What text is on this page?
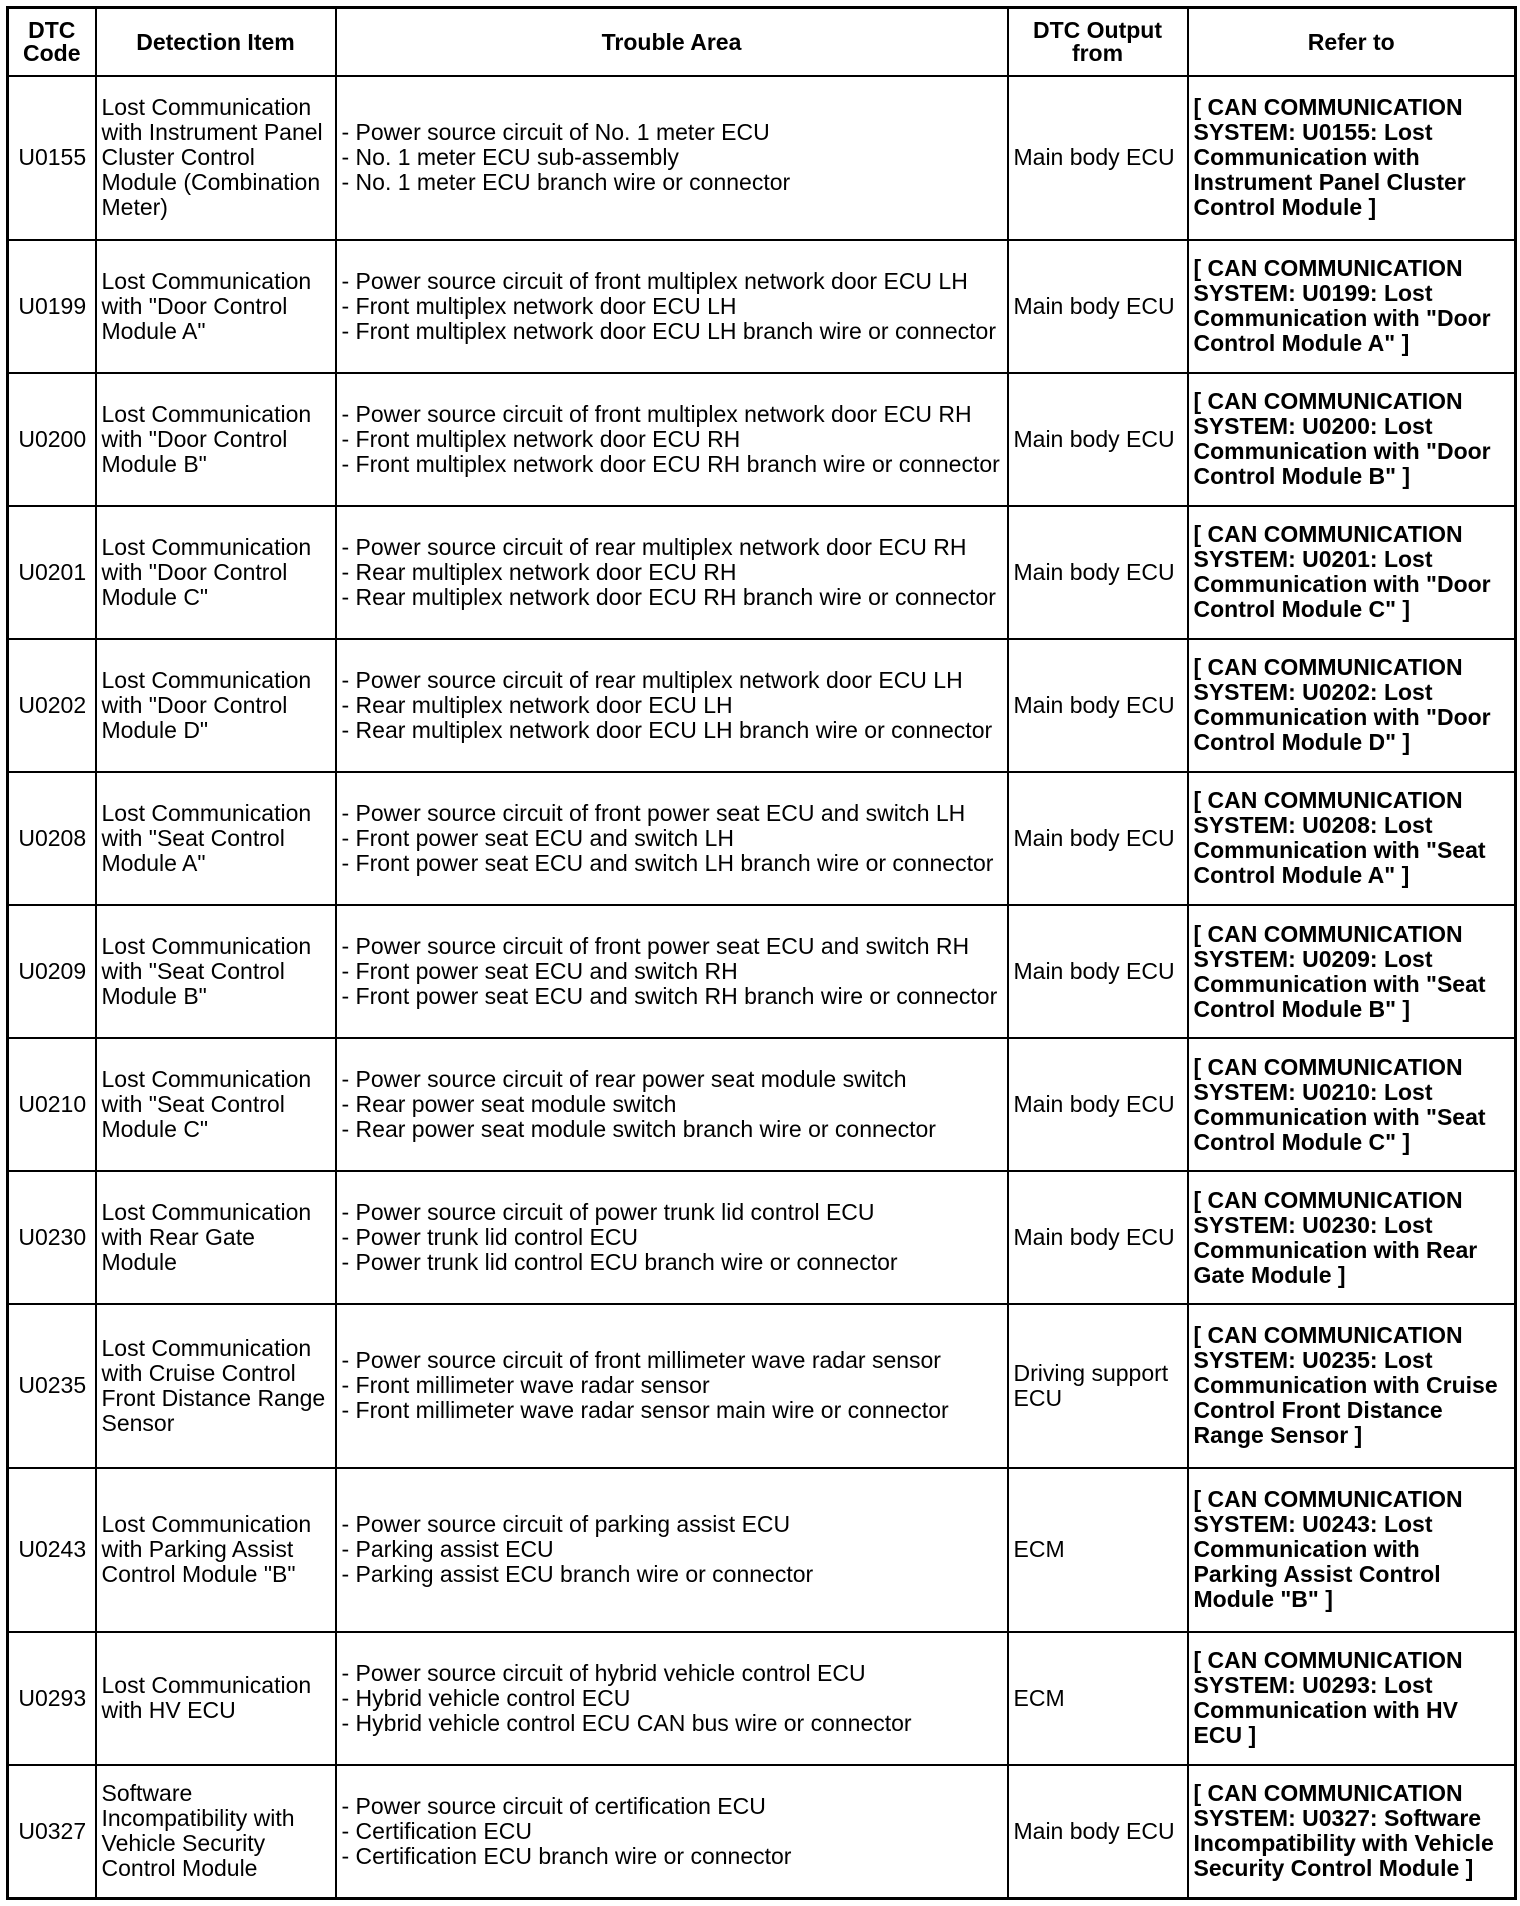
DTC Code	Detection Item	Trouble Area	DTC Output from	Refer to
U0155	Lost Communication with Instrument Panel Cluster Control Module (Combination Meter)	- Power source circuit of No. 1 meter ECU
- No. 1 meter ECU sub-assembly
- No. 1 meter ECU branch wire or connector	Main body ECU	[ CAN COMMUNICATION SYSTEM: U0155: Lost Communication with Instrument Panel Cluster Control Module ]
U0199	Lost Communication with "Door Control Module A"	- Power source circuit of front multiplex network door ECU LH
- Front multiplex network door ECU LH
- Front multiplex network door ECU LH branch wire or connector	Main body ECU	[ CAN COMMUNICATION SYSTEM: U0199: Lost Communication with "Door Control Module A" ]
U0200	Lost Communication with "Door Control Module B"	- Power source circuit of front multiplex network door ECU RH
- Front multiplex network door ECU RH
- Front multiplex network door ECU RH branch wire or connector	Main body ECU	[ CAN COMMUNICATION SYSTEM: U0200: Lost Communication with "Door Control Module B" ]
U0201	Lost Communication with "Door Control Module C"	- Power source circuit of rear multiplex network door ECU RH
- Rear multiplex network door ECU RH
- Rear multiplex network door ECU RH branch wire or connector	Main body ECU	[ CAN COMMUNICATION SYSTEM: U0201: Lost Communication with "Door Control Module C" ]
U0202	Lost Communication with "Door Control Module D"	- Power source circuit of rear multiplex network door ECU LH
- Rear multiplex network door ECU LH
- Rear multiplex network door ECU LH branch wire or connector	Main body ECU	[ CAN COMMUNICATION SYSTEM: U0202: Lost Communication with "Door Control Module D" ]
U0208	Lost Communication with "Seat Control Module A"	- Power source circuit of front power seat ECU and switch LH
- Front power seat ECU and switch LH
- Front power seat ECU and switch LH branch wire or connector	Main body ECU	[ CAN COMMUNICATION SYSTEM: U0208: Lost Communication with "Seat Control Module A" ]
U0209	Lost Communication with "Seat Control Module B"	- Power source circuit of front power seat ECU and switch RH
- Front power seat ECU and switch RH
- Front power seat ECU and switch RH branch wire or connector	Main body ECU	[ CAN COMMUNICATION SYSTEM: U0209: Lost Communication with "Seat Control Module B" ]
U0210	Lost Communication with "Seat Control Module C"	- Power source circuit of rear power seat module switch
- Rear power seat module switch
- Rear power seat module switch branch wire or connector	Main body ECU	[ CAN COMMUNICATION SYSTEM: U0210: Lost Communication with "Seat Control Module C" ]
U0230	Lost Communication with Rear Gate Module	- Power source circuit of power trunk lid control ECU
- Power trunk lid control ECU
- Power trunk lid control ECU branch wire or connector	Main body ECU	[ CAN COMMUNICATION SYSTEM: U0230: Lost Communication with Rear Gate Module ]
U0235	Lost Communication with Cruise Control Front Distance Range Sensor	- Power source circuit of front millimeter wave radar sensor
- Front millimeter wave radar sensor
- Front millimeter wave radar sensor main wire or connector	Driving support ECU	[ CAN COMMUNICATION SYSTEM: U0235: Lost Communication with Cruise Control Front Distance Range Sensor ]
U0243	Lost Communication with Parking Assist Control Module "B"	- Power source circuit of parking assist ECU
- Parking assist ECU
- Parking assist ECU branch wire or connector	ECM	[ CAN COMMUNICATION SYSTEM: U0243: Lost Communication with Parking Assist Control Module "B" ]
U0293	Lost Communication with HV ECU	- Power source circuit of hybrid vehicle control ECU
- Hybrid vehicle control ECU
- Hybrid vehicle control ECU CAN bus wire or connector	ECM	[ CAN COMMUNICATION SYSTEM: U0293: Lost Communication with HV ECU ]
U0327	Software Incompatibility with Vehicle Security Control Module	- Power source circuit of certification ECU
- Certification ECU
- Certification ECU branch wire or connector	Main body ECU	[ CAN COMMUNICATION SYSTEM: U0327: Software Incompatibility with Vehicle Security Control Module ]
